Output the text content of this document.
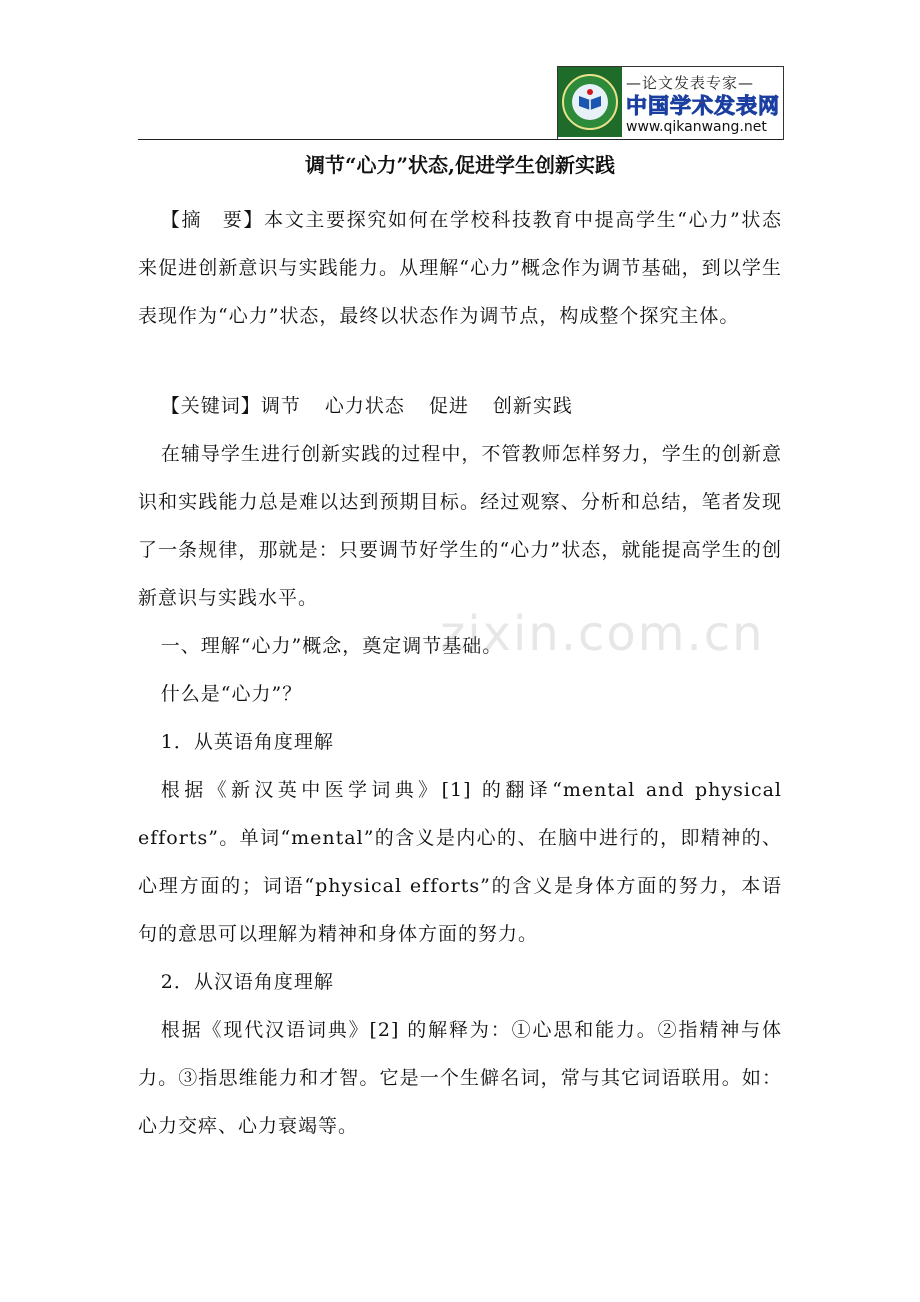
—论文发表专家—
中国学术发表网
www.qikanwang.net
调节“心力”状态,促进学生创新实践

【摘　要】本文主要探究如何在学校科技教育中提高学生“心力”状态来促进创新意识与实践能力。从理解“心力”概念作为调节基础，到以学生表现作为“心力”状态，最终以状态作为调节点，构成整个探究主体。

【关键词】调节 心力状态 促进 创新实践

在辅导学生进行创新实践的过程中，不管教师怎样努力，学生的创新意识和实践能力总是难以达到预期目标。经过观察、分析和总结，笔者发现了一条规律，那就是：只要调节好学生的“心力”状态，就能提高学生的创新意识与实践水平。

一、理解“心力”概念，奠定调节基础。

什么是“心力”？

1．从英语角度理解

根据《新汉英中医学词典》[1] 的翻译“mental and physical efforts”。单词“mental”的含义是内心的、在脑中进行的，即精神的、心理方面的；词语“physical efforts”的含义是身体方面的努力，本语句的意思可以理解为精神和身体方面的努力。

2．从汉语角度理解

根据《现代汉语词典》[2] 的解释为：①心思和能力。②指精神与体力。③指思维能力和才智。它是一个生僻名词，常与其它词语联用。如：心力交瘁、心力衰竭等。

zixin.com.cn
